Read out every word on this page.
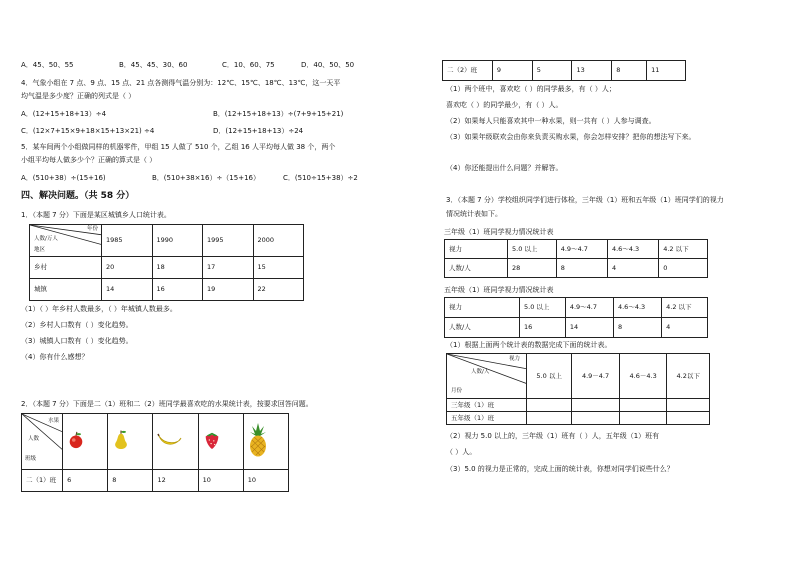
A．45、50、55	B．45、45、30、60	C．10、60、75	D．40、50、50
4．气象小组在 7 点、9 点、15 点、21 点各测得气温分别为：12℃、15℃、18℃、13℃，这一天平
均气温是多少度？正确的列式是（ ）
A．(12+15+18+13）÷4	B．(12+15+18+13）÷(7+9+15+21)
C．(12×7+15×9+18×15+13×21) ÷4	D．(12+15+18+13）÷24
5．某车间两个小组做同样的机器零件，甲组 15 人做了 510 个，乙组 16 人平均每人做 38 个，两个
小组平均每人做多少个？正确的算式是（ ）
A．(510+38）÷(15+16)	B．(510+38×16）÷（15+16）	C．(510÷15+38）÷2
四、解决问题。（共 58 分）
1．（本题 7 分）下面是某区城镇乡人口统计表。
年份
人数/万人
地区	1985	1990	1995	2000
乡村	20	18	17	15
城镇	14	16	19	22
（1）（ ）年乡村人数最多，（ ）年城镇人数最多。
（2）乡村人口数有（ ）变化趋势。
（3）城镇人口数有（ ）变化趋势。
（4）你有什么感想？
2．（本题 7 分）下面是二（1）班和二（2）班同学最喜欢吃的水果统计表，按要求回答问题。
水果
人数
班级

二（1）班	6	8	12	10	10
二（2）班	9	5	13	8	11
（1）两个班中，喜欢吃（ ）的同学最多，有（ ）人；
喜欢吃（ ）的同学最少，有（ ）人。
（2）如果每人只能喜欢其中一种水果，则一共有（ ）人参与调查。
（3）如果年级联欢会由你来负责买购水果，你会怎样安排？把你的想法写下来。
（4）你还能提出什么问题？并解答。
3．（本题 7 分）学校组织同学们进行体检，三年级（1）班和五年级（1）班同学们的视力
情况统计表如下。
三年级（1）班同学视力情况统计表
视力	5.0 以上	4.9～4.7	4.6～4.3	4.2 以下
人数/人	28	8	4	0
五年级（1）班同学视力情况统计表
视力	5.0 以上	4.9～4.7	4.6～4.3	4.2 以下
人数/人	16	14	8	4
（1）根据上面两个统计表的数据完成下面的统计表。
视力
人数/人
月份	5.0 以上	4.9－4.7	4.6－4.3	4.2以下
三年级（1）班				
五年级（1）班				
（2）视力 5.0 以上的，三年级（1）班有（ ）人，五年级（1）班有
（ ）人。
（3）5.0 的视力是正常的，完成上面的统计表，你想对同学们说些什么？
